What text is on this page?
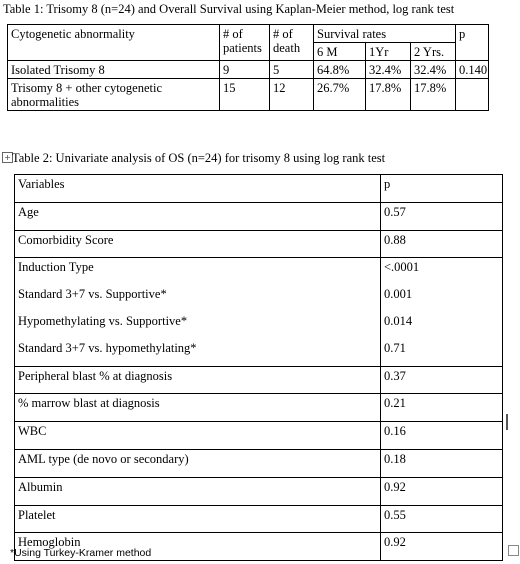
Table 1: Trisomy 8 (n=24) and Overall Survival using Kaplan-Meier method, log rank test
Cytogenetic abnormality	# of patients	# of death	Survival rates			p
			6 M	1Yr	2 Yrs.	
Isolated Trisomy 8	9	5	64.8%	32.4%	32.4%	0.140
Trisomy 8 + other cytogenetic abnormalities	15	12	26.7%	17.8%	17.8%	
+ Table 2: Univariate analysis of OS (n=24) for trisomy 8 using log rank test
Variables	p
Age	0.57
Comorbidity Score	0.88
Induction Type	<.0001
Standard 3+7 vs. Supportive*	0.001
Hypomethylating vs. Supportive*	0.014
Standard 3+7 vs. hypomethylating*	0.71
Peripheral blast % at diagnosis	0.37
% marrow blast at diagnosis	0.21
WBC	0.16
AML type (de novo or secondary)	0.18
Albumin	0.92
Platelet	0.55
Hemoglobin	0.92
*Using Turkey-Kramer method
